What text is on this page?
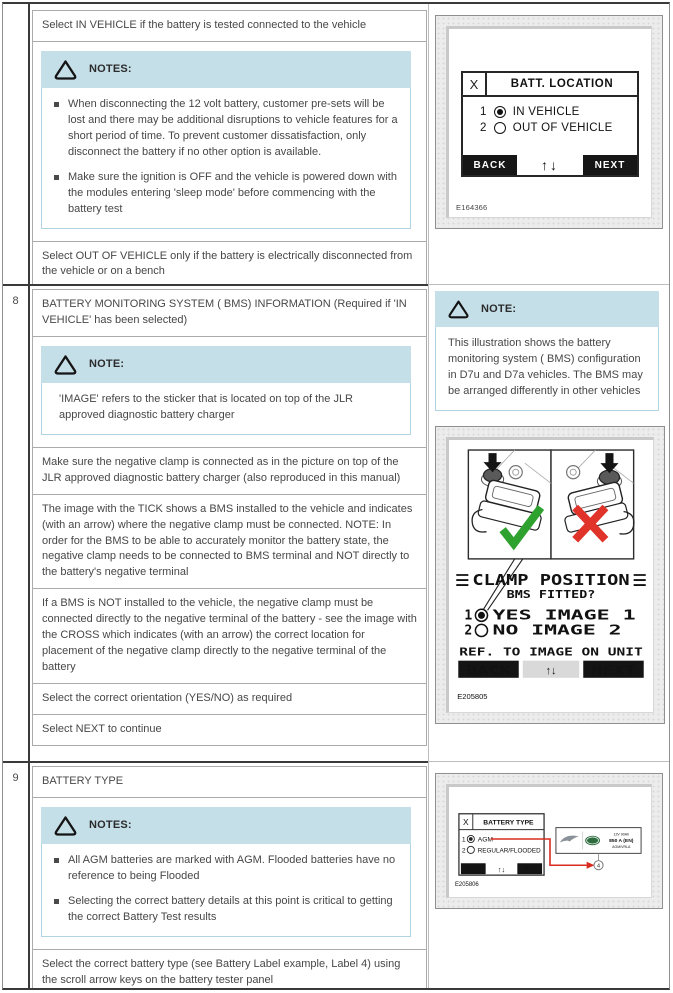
Select IN VEHICLE if the battery is tested connected to the vehicle
NOTES:
When disconnecting the 12 volt battery, customer pre-sets will be lost and there may be additional disruptions to vehicle features for a short period of time. To prevent customer dissatisfaction, only disconnect the battery if no other option is available.
Make sure the ignition is OFF and the vehicle is powered down with the modules entering 'sleep mode' before commencing with the battery test
Select OUT OF VEHICLE only if the battery is electrically disconnected from the vehicle or on a bench
X	BATT. LOCATION
1 IN VEHICLE
2 OUT OF VEHICLE
BACK	↑↓	NEXT
E164366
8	BATTERY MONITORING SYSTEM ( BMS) INFORMATION (Required if 'IN VEHICLE' has been selected)
NOTE:
'IMAGE' refers to the sticker that is located on top of the JLR approved diagnostic battery charger
Make sure the negative clamp is connected as in the picture on top of the JLR approved diagnostic battery charger (also reproduced in this manual)
The image with the TICK shows a BMS installed to the vehicle and indicates (with an arrow) where the negative clamp must be connected. NOTE: In order for the BMS to be able to accurately monitor the battery state, the negative clamp needs to be connected to BMS terminal and NOT directly to the battery's negative terminal
If a BMS is NOT installed to the vehicle, the negative clamp must be connected directly to the negative terminal of the battery - see the image with the CROSS which indicates (with an arrow) the correct location for placement of the negative clamp directly to the negative terminal of the battery
Select the correct orientation (YES/NO) as required
Select NEXT to continue
NOTE:
This illustration shows the battery monitoring system ( BMS) configuration in D7u and D7a vehicles. The BMS may be arranged differently in other vehicles
CLAMP POSITION
BMS FITTED?
1 YES IMAGE 1
2 NO IMAGE 2
REF. TO IMAGE ON UNIT
BACK	↑↓	NEXT
E205805
9	BATTERY TYPE
NOTES:
All AGM batteries are marked with AGM. Flooded batteries have no reference to being Flooded
Selecting the correct battery details at this point is critical to getting the correct Battery Test results
Select the correct battery type (see Battery Label example, Label 4) using the scroll arrow keys on the battery tester panel
X BATTERY TYPE
1 AGM
2 REGULAR/FLOODED
BACK ↑↓	NEXT
12V 90Ah
850 A (EN)
AGM/VRLA
4
E205806
